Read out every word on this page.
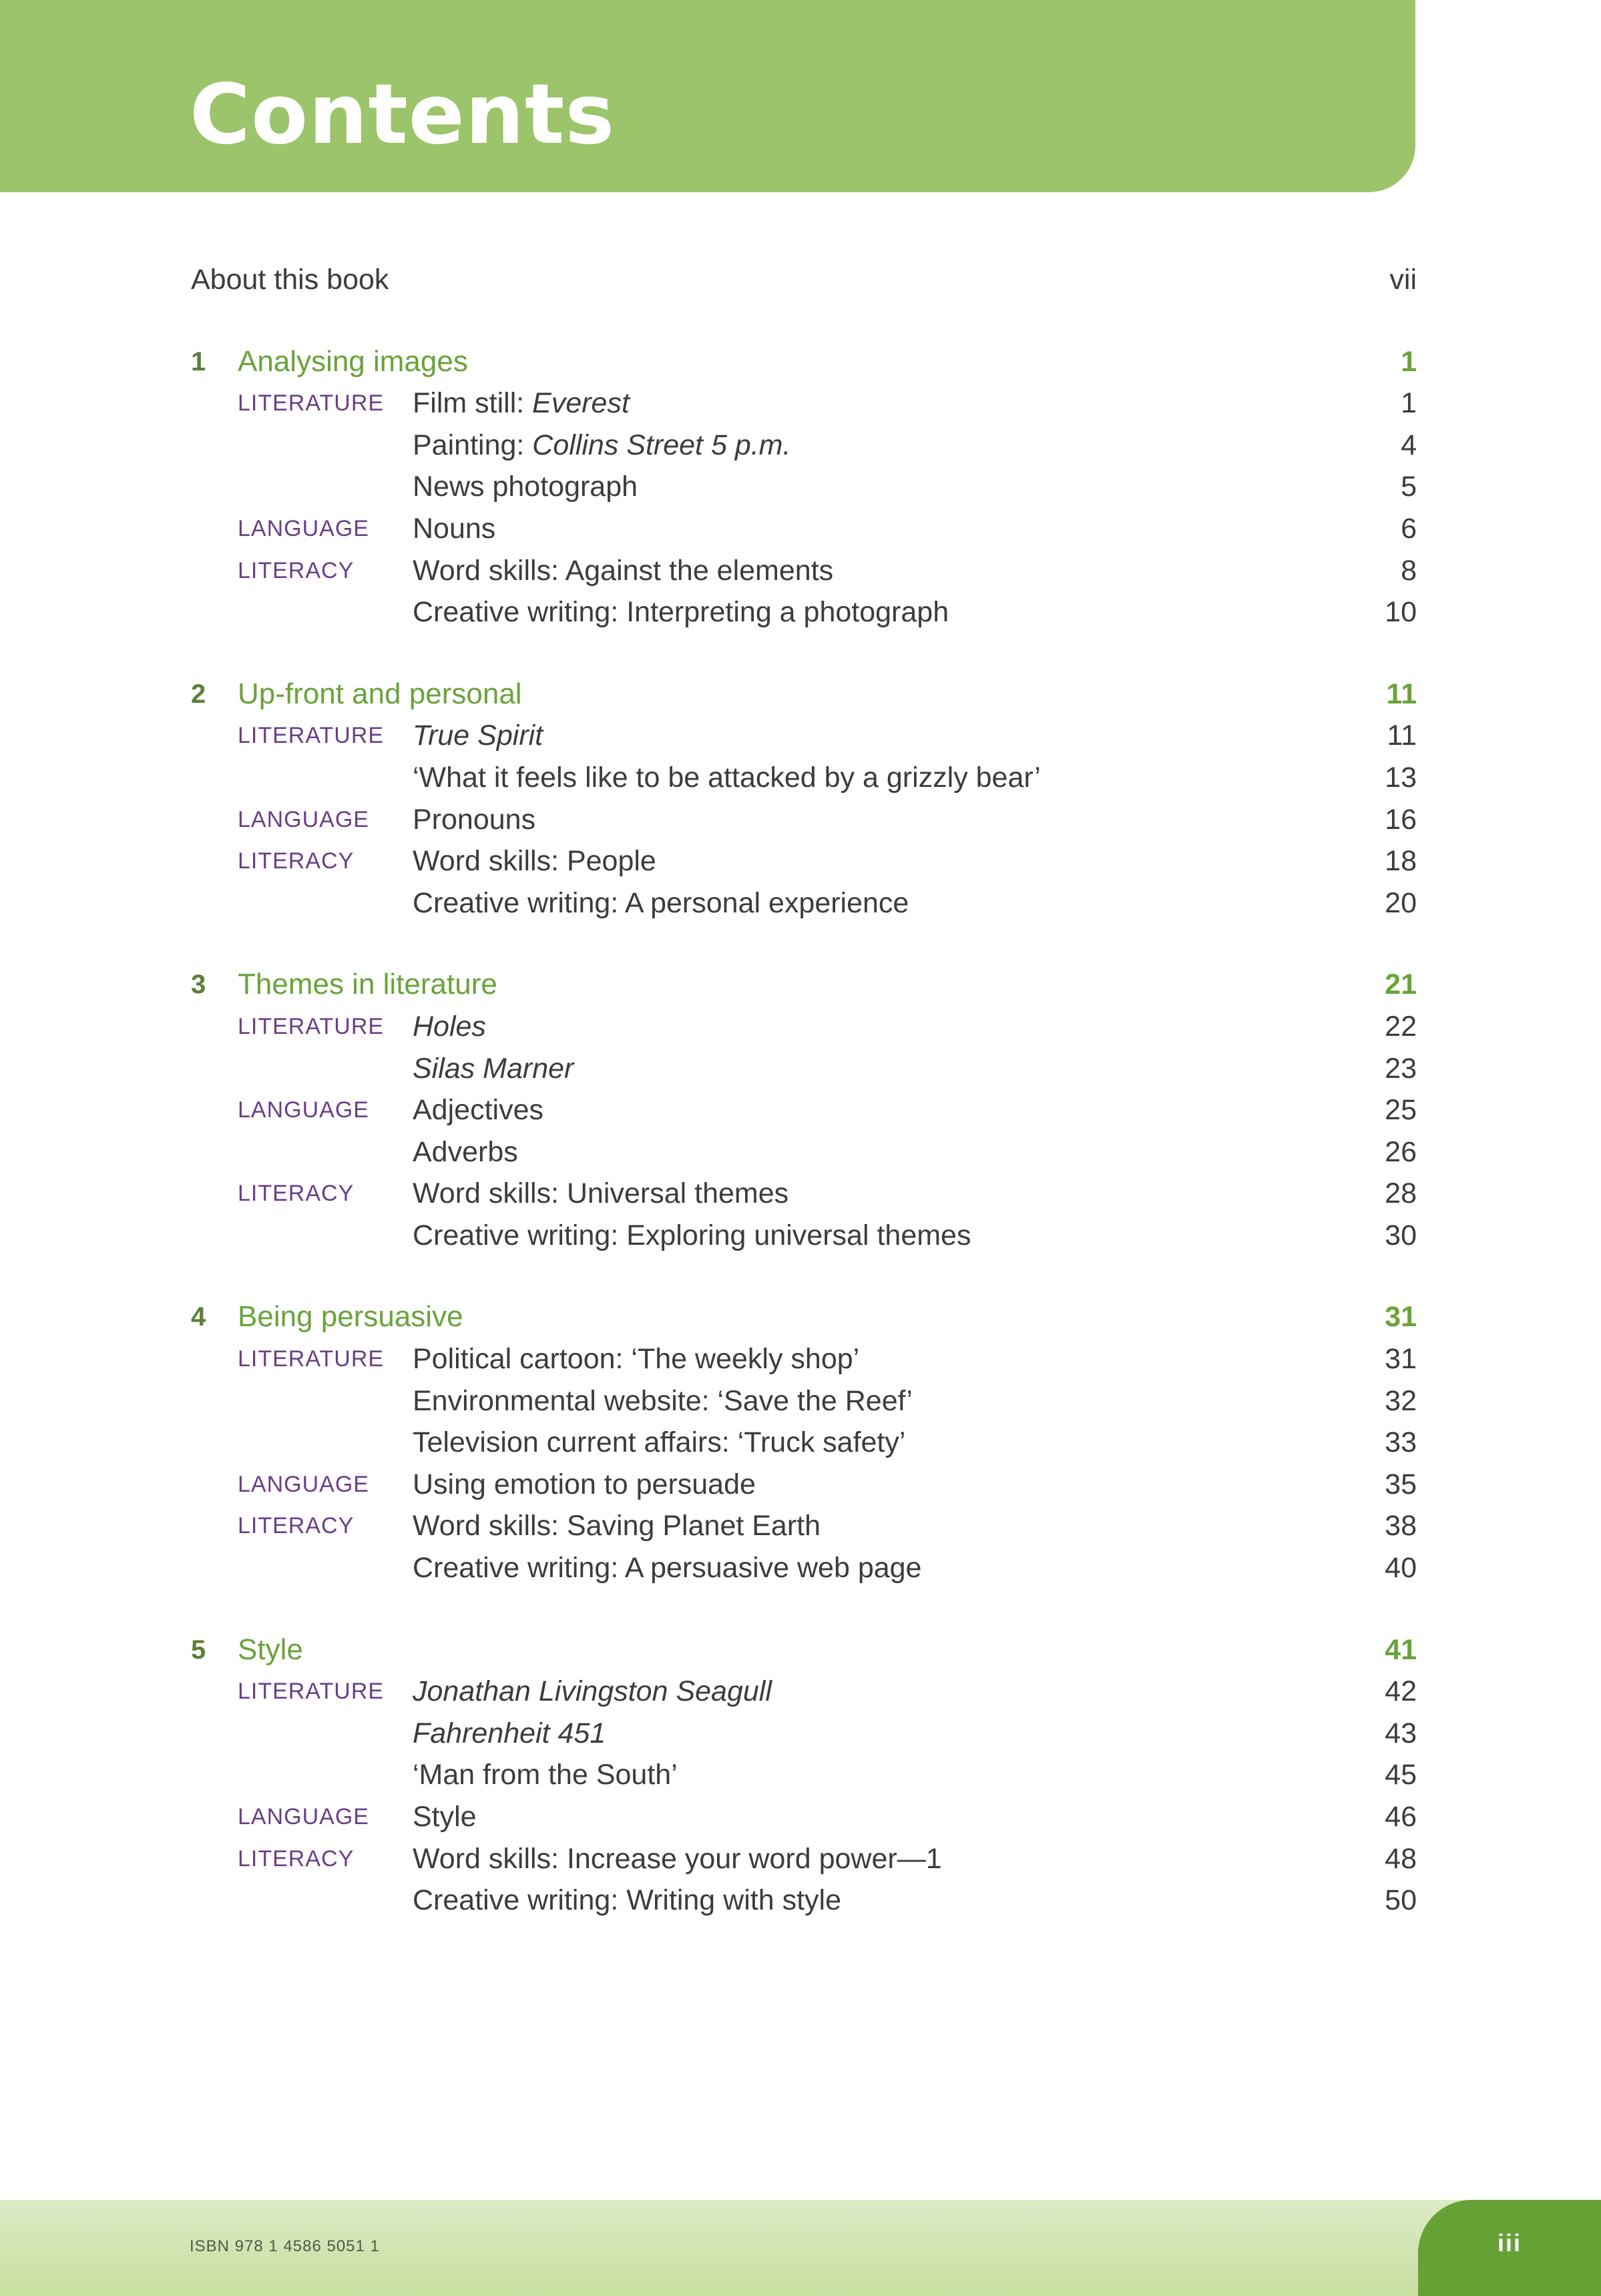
Contents
About this book	vii
1 Analysing images	1
LITERATURE Film still: Everest	1
Painting: Collins Street 5 p.m.	4
News photograph	5
LANGUAGE Nouns	6
LITERACY Word skills: Against the elements	8
Creative writing: Interpreting a photograph	10
2 Up-front and personal	11
LITERATURE True Spirit	11
‘What it feels like to be attacked by a grizzly bear’	13
LANGUAGE Pronouns	16
LITERACY Word skills: People	18
Creative writing: A personal experience	20
3 Themes in literature	21
LITERATURE Holes	22
Silas Marner	23
LANGUAGE Adjectives	25
Adverbs	26
LITERACY Word skills: Universal themes	28
Creative writing: Exploring universal themes	30
4 Being persuasive	31
LITERATURE Political cartoon: ‘The weekly shop’	31
Environmental website: ‘Save the Reef’	32
Television current affairs: ‘Truck safety’	33
LANGUAGE Using emotion to persuade	35
LITERACY Word skills: Saving Planet Earth	38
Creative writing: A persuasive web page	40
5 Style	41
LITERATURE Jonathan Livingston Seagull	42
Fahrenheit 451	43
‘Man from the South’	45
LANGUAGE Style	46
LITERACY Word skills: Increase your word power—1	48
Creative writing: Writing with style	50
ISBN 978 1 4586 5051 1	iii
